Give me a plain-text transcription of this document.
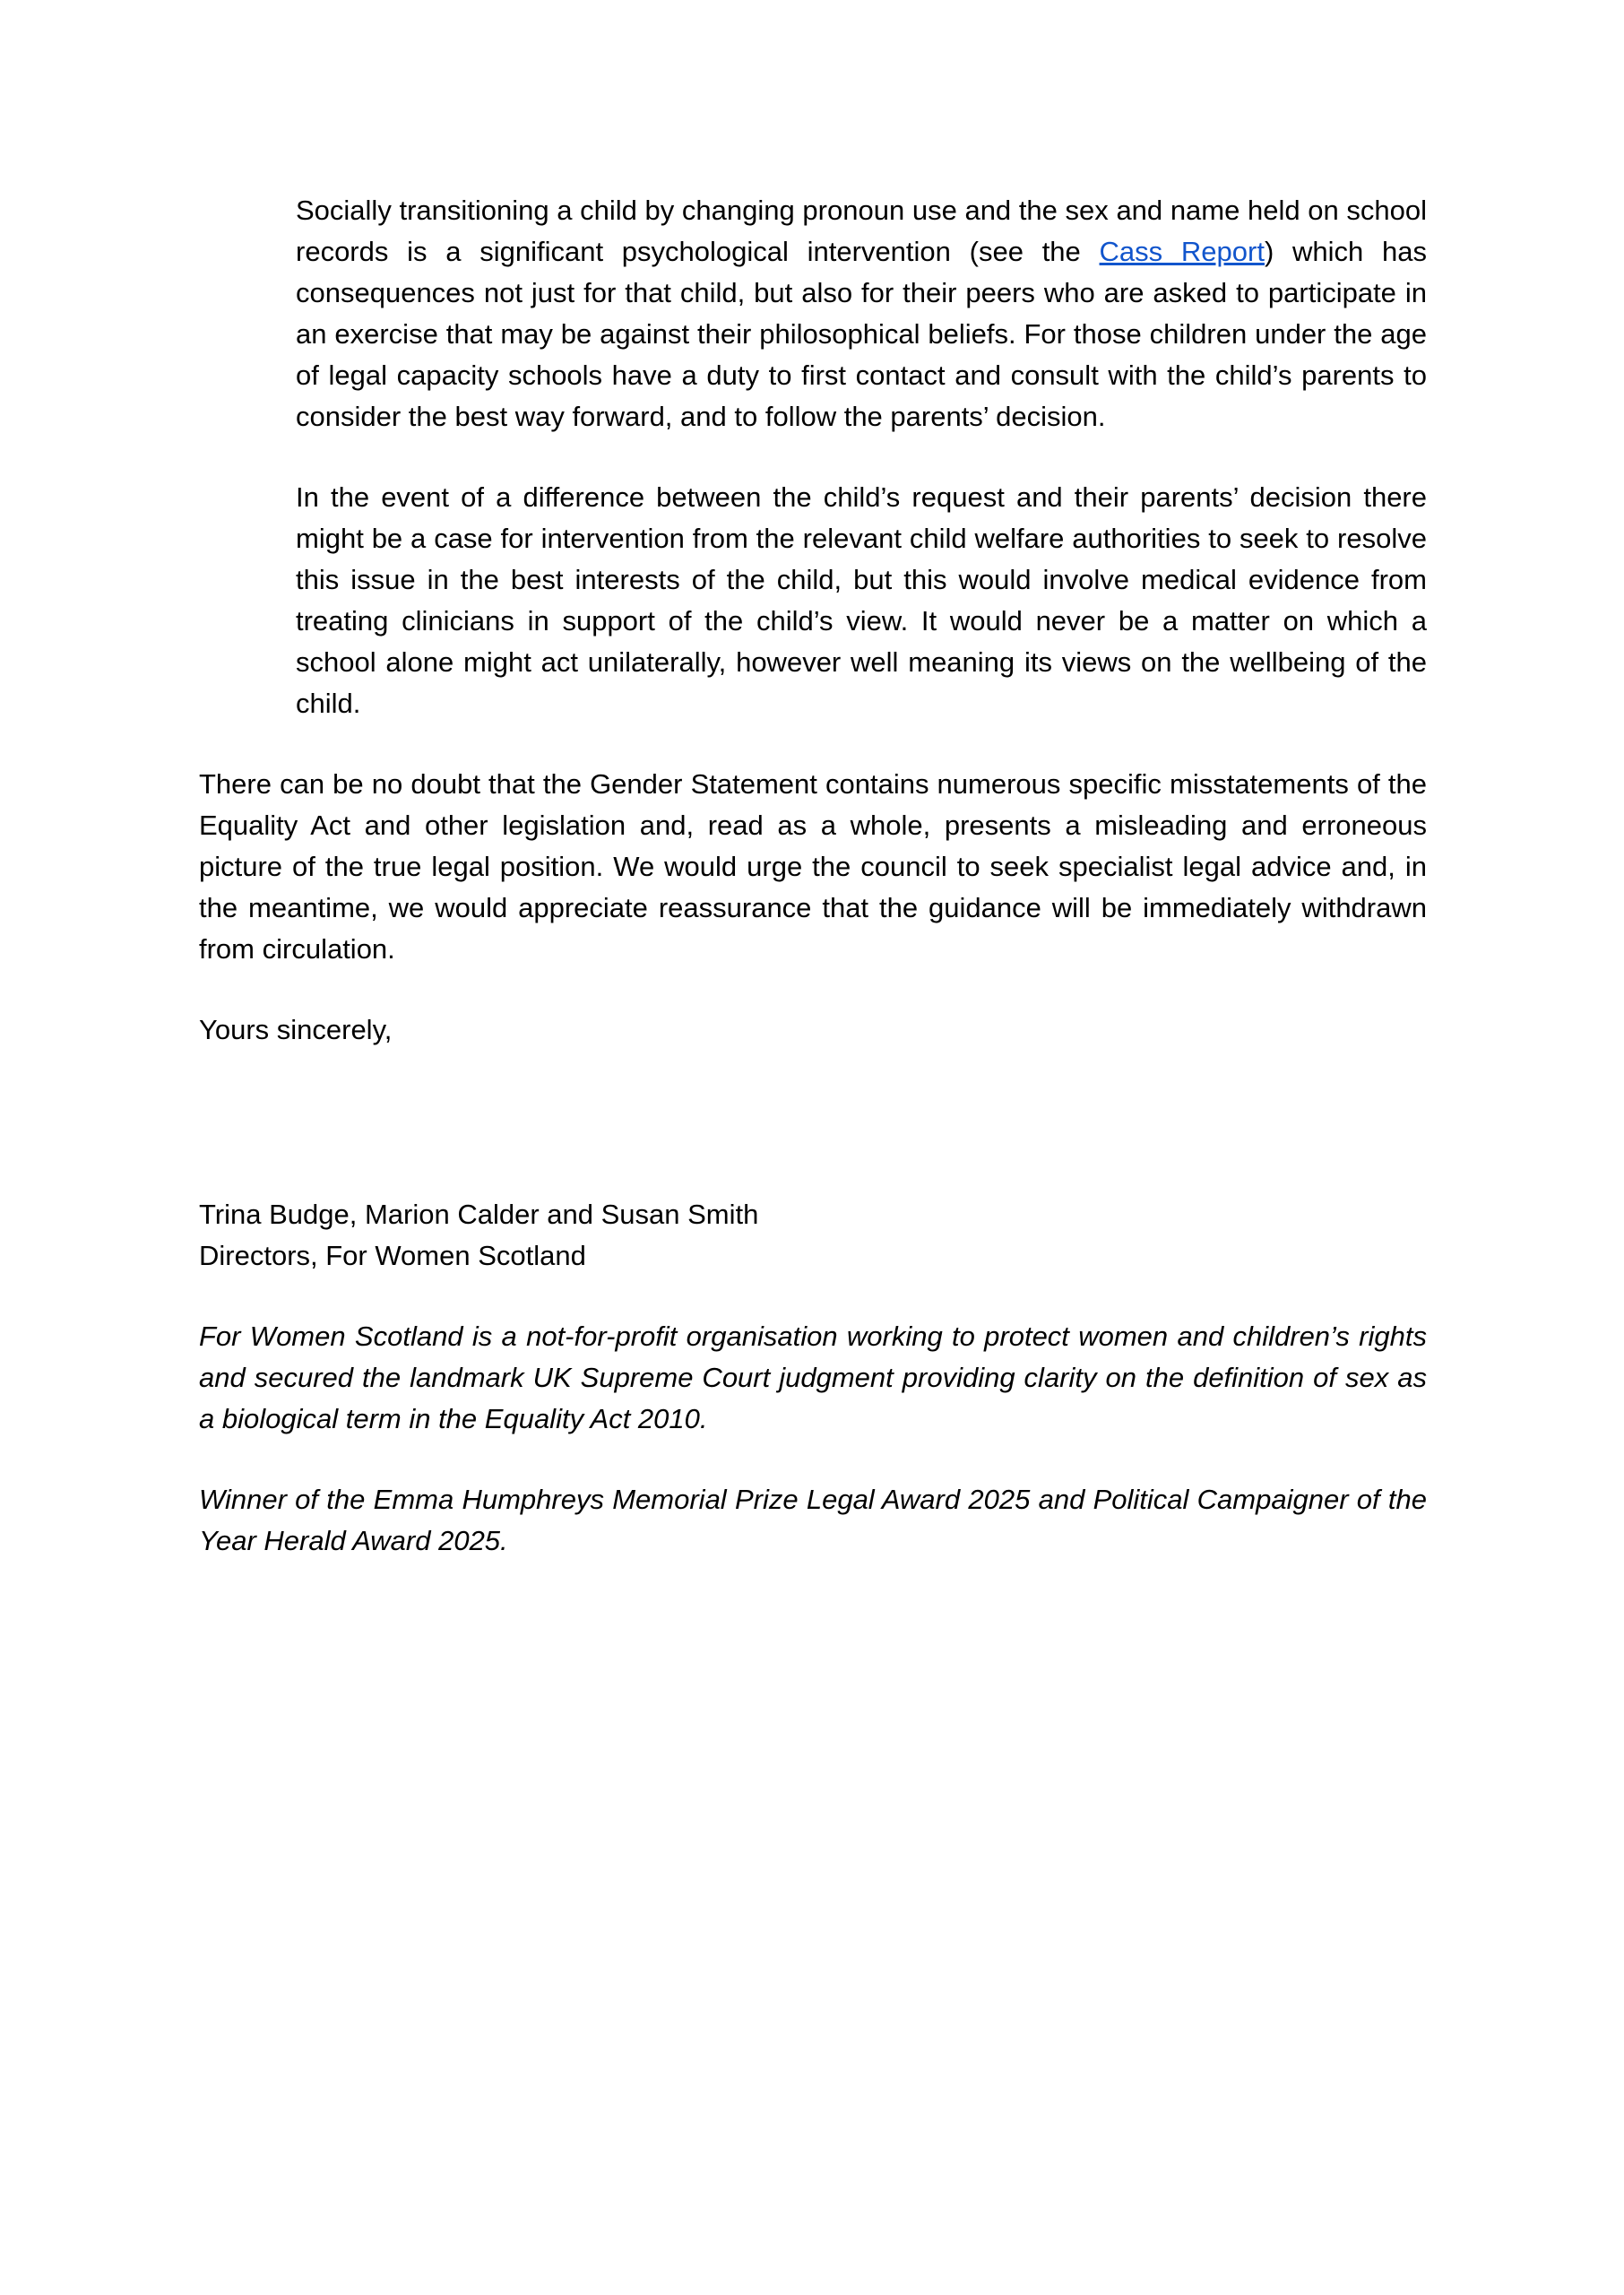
Socially transitioning a child by changing pronoun use and the sex and name held on school records is a significant psychological intervention (see the Cass Report) which has consequences not just for that child, but also for their peers who are asked to participate in an exercise that may be against their philosophical beliefs. For those children under the age of legal capacity schools have a duty to first contact and consult with the child’s parents to consider the best way forward, and to follow the parents’ decision.

In the event of a difference between the child’s request and their parents’ decision there might be a case for intervention from the relevant child welfare authorities to seek to resolve this issue in the best interests of the child, but this would involve medical evidence from treating clinicians in support of the child’s view. It would never be a matter on which a school alone might act unilaterally, however well meaning its views on the wellbeing of the child.

There can be no doubt that the Gender Statement contains numerous specific misstatements of the Equality Act and other legislation and, read as a whole, presents a misleading and erroneous picture of the true legal position. We would urge the council to seek specialist legal advice and, in the meantime, we would appreciate reassurance that the guidance will be immediately withdrawn from circulation.

Yours sincerely,

Trina Budge, Marion Calder and Susan Smith

Directors, For Women Scotland

For Women Scotland is a not-for-profit organisation working to protect women and children’s rights and secured the landmark UK Supreme Court judgment providing clarity on the definition of sex as a biological term in the Equality Act 2010.

Winner of the Emma Humphreys Memorial Prize Legal Award 2025 and Political Campaigner of the Year Herald Award 2025.
